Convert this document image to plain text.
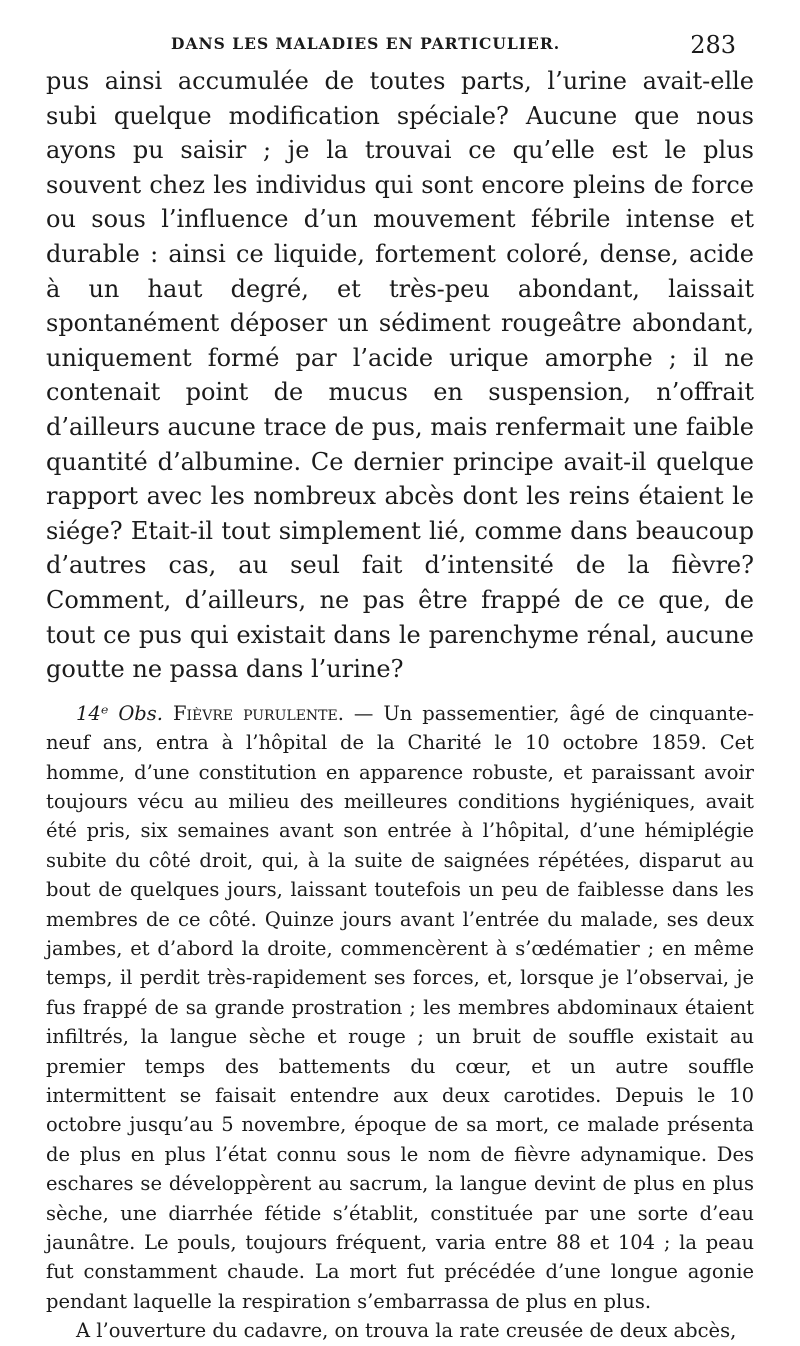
DANS LES MALADIES EN PARTICULIER.	283

pus ainsi accumulée de toutes parts, l’urine avait-elle subi quelque modification spéciale? Aucune que nous ayons pu saisir ; je la trouvai ce qu’elle est le plus souvent chez les individus qui sont encore pleins de force ou sous l’influence d’un mouvement fébrile intense et durable : ainsi ce liquide, fortement coloré, dense, acide à un haut degré, et très-peu abondant, laissait spontanément déposer un sédiment rougeâtre abondant, uniquement formé par l’acide urique amorphe ; il ne contenait point de mucus en suspension, n’offrait d’ailleurs aucune trace de pus, mais renfermait une faible quantité d’albumine. Ce dernier principe avait-il quelque rapport avec les nombreux abcès dont les reins étaient le siége? Etait-il tout simplement lié, comme dans beaucoup d’autres cas, au seul fait d’intensité de la fièvre? Comment, d’ailleurs, ne pas être frappé de ce que, de tout ce pus qui existait dans le parenchyme rénal, aucune goutte ne passa dans l’urine?

14ᵉ Obs. Fièvre purulente. — Un passementier, âgé de cinquante-neuf ans, entra à l’hôpital de la Charité le 10 octobre 1859. Cet homme, d’une constitution en apparence robuste, et paraissant avoir toujours vécu au milieu des meilleures conditions hygiéniques, avait été pris, six semaines avant son entrée à l’hôpital, d’une hémiplégie subite du côté droit, qui, à la suite de saignées répétées, disparut au bout de quelques jours, laissant toutefois un peu de faiblesse dans les membres de ce côté. Quinze jours avant l’entrée du malade, ses deux jambes, et d’abord la droite, commencèrent à s’œdématier ; en même temps, il perdit très-rapidement ses forces, et, lorsque je l’observai, je fus frappé de sa grande prostration ; les membres abdominaux étaient infiltrés, la langue sèche et rouge ; un bruit de souffle existait au premier temps des battements du cœur, et un autre souffle intermittent se faisait entendre aux deux carotides. Depuis le 10 octobre jusqu’au 5 novembre, époque de sa mort, ce malade présenta de plus en plus l’état connu sous le nom de fièvre adynamique. Des eschares se développèrent au sacrum, la langue devint de plus en plus sèche, une diarrhée fétide s’établit, constituée par une sorte d’eau jaunâtre. Le pouls, toujours fréquent, varia entre 88 et 104 ; la peau fut constamment chaude. La mort fut précédée d’une longue agonie pendant laquelle la respiration s’embarrassa de plus en plus.

A l’ouverture du cadavre, on trouva la rate creusée de deux abcès,
